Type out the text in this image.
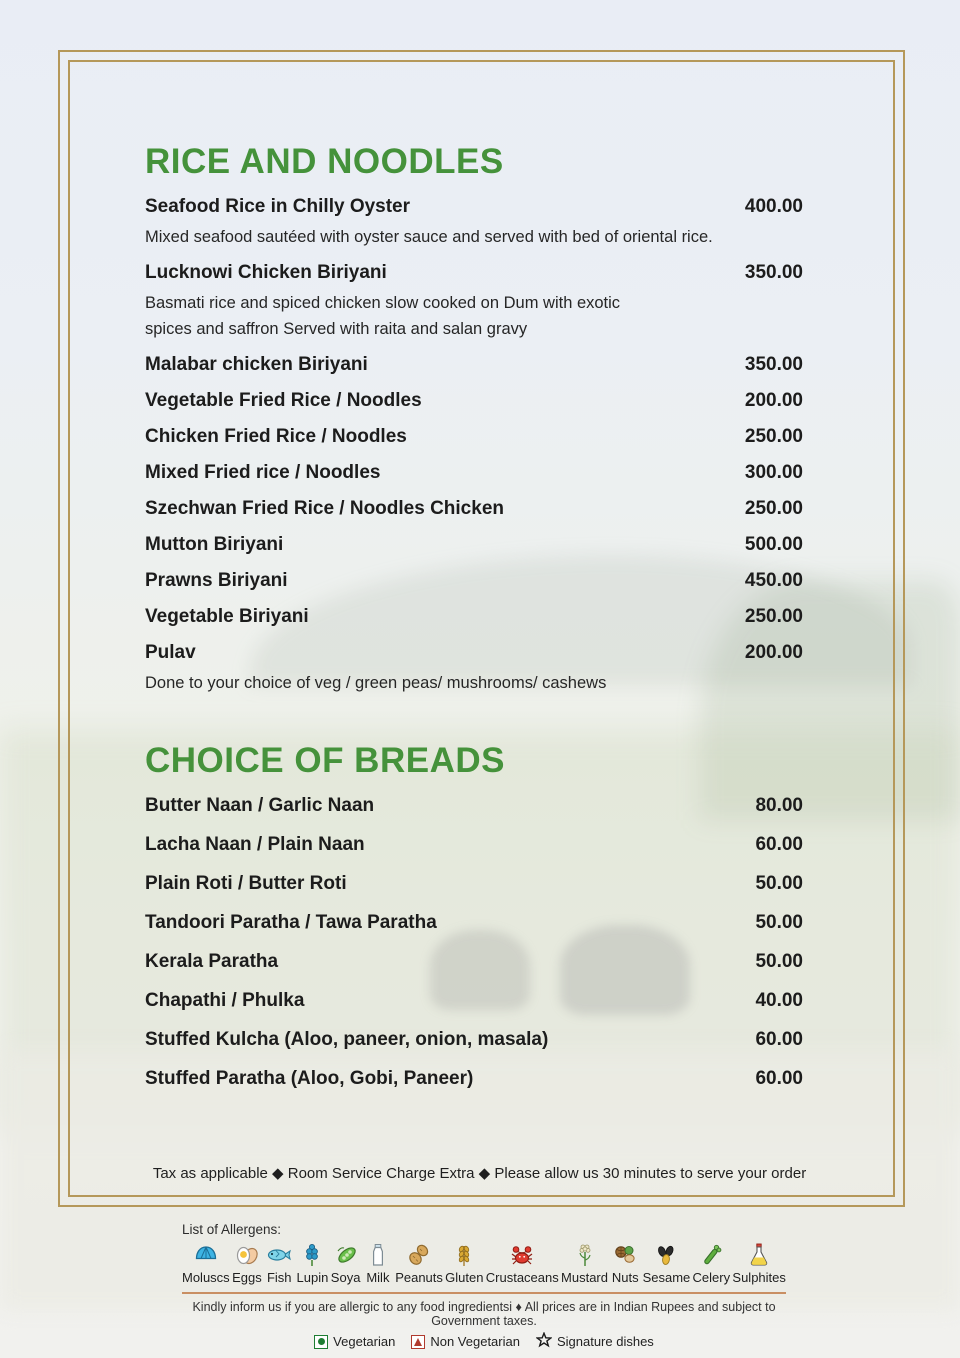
RICE AND NOODLES
Seafood Rice in Chilly Oyster	400.00
Mixed seafood sautéed with oyster sauce and served with bed of oriental rice.
Lucknowi Chicken Biriyani	350.00
Basmati rice and spiced chicken slow cooked on Dum with exotic
spices and saffron Served with raita and salan gravy
Malabar chicken Biriyani	350.00
Vegetable Fried Rice / Noodles	200.00
Chicken Fried Rice / Noodles	250.00
Mixed Fried rice / Noodles	300.00
Szechwan Fried Rice / Noodles Chicken	250.00
Mutton Biriyani	500.00
Prawns Biriyani	450.00
Vegetable Biriyani	250.00
Pulav	200.00
Done to your choice of veg / green peas/ mushrooms/ cashews
CHOICE OF BREADS
Butter Naan / Garlic Naan	80.00
Lacha Naan / Plain Naan	60.00
Plain Roti / Butter Roti	50.00
Tandoori Paratha / Tawa Paratha	50.00
Kerala Paratha	50.00
Chapathi / Phulka	40.00
Stuffed Kulcha (Aloo, paneer, onion, masala)	60.00
Stuffed Paratha (Aloo, Gobi, Paneer)	60.00
Tax as applicable ◆ Room Service Charge Extra ◆ Please allow us 30 minutes to serve your order
List of Allergens:
Moluscs Eggs Fish Lupin Soya Milk Peanuts Gluten Crustaceans Mustard Nuts Sesame Celery Sulphites
Kindly inform us if you are allergic to any food ingredientsi ♦ All prices are in Indian Rupees and subject to Government taxes.
Vegetarian	Non Vegetarian	Signature dishes
